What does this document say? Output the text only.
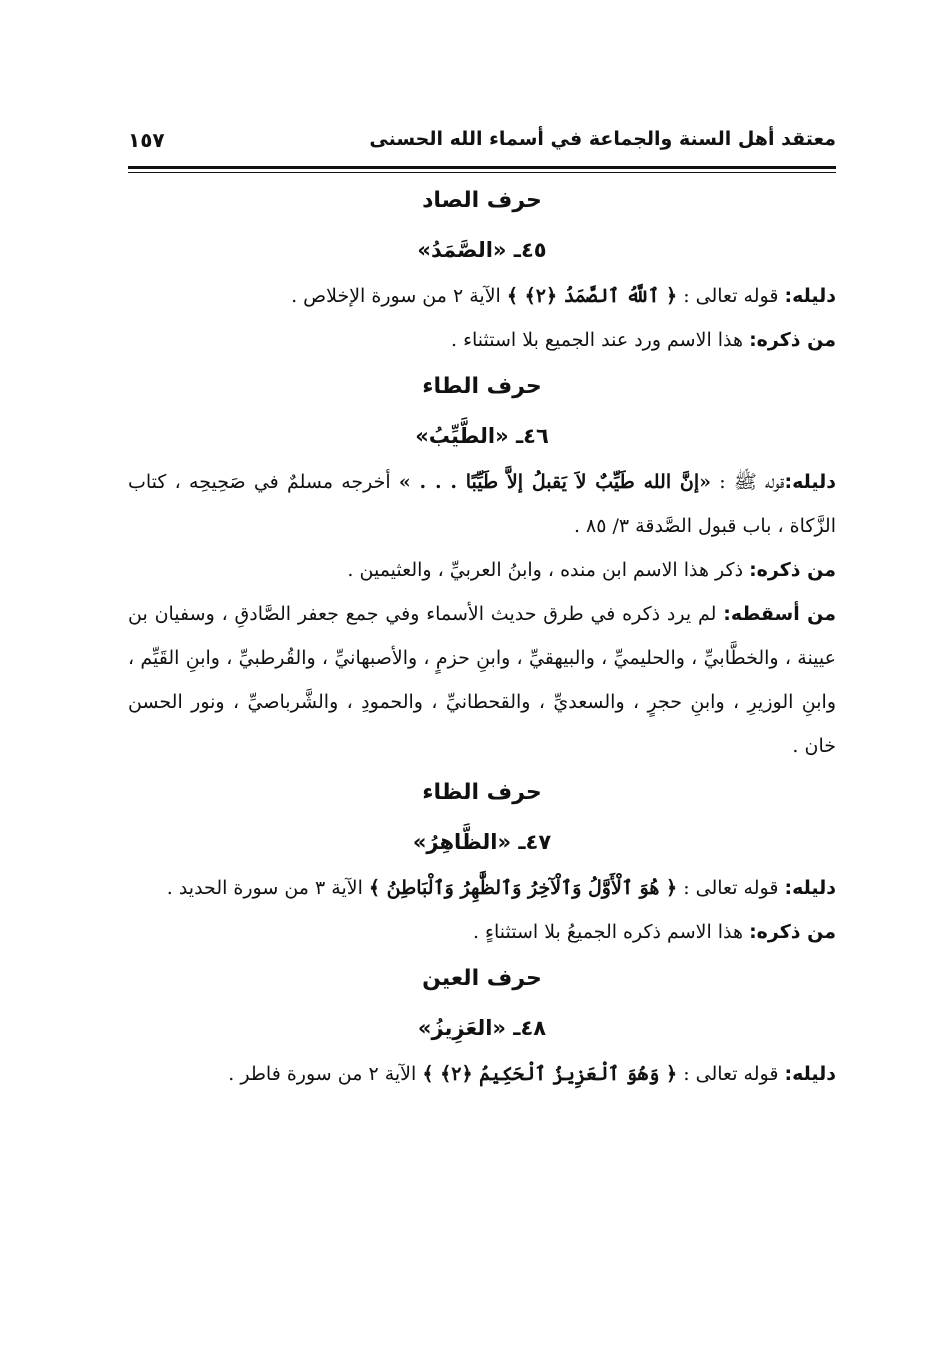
معتقد أهل السنة والجماعة في أسماء الله الحسنى
١٥٧
حرف الصاد
٤٥ـ «الصَّمَدُ»

دليله: قوله تعالى : ﴿ ٱللَّهُ ٱلصَّمَدُ ﴿٢﴾ ﴾ الآية ٢ من سورة الإخلاص .

من ذكره: هذا الاسم ورد عند الجميع بلا استثناء .

حرف الطاء
٤٦ـ «الطَّيِّبُ»

دليله:قوله ﷺ : «إنَّ الله طَيِّبٌ لاَ يَقبلُ إلاَّ طَيِّبًا . . . » أخرجه مسلمٌ في صَحِيحِه ، كتاب الزَّكاة ، باب قبول الصَّدقة ٣/ ٨٥ .

من ذكره: ذكر هذا الاسم ابن منده ، وابنُ العربيِّ ، والعثيمين .

من أسقطه: لم يرد ذكره في طرق حديث الأسماء وفي جمع جعفر الصَّادقِ ، وسفيان بن عيينة ، والخطَّابيِّ ، والحليميِّ ، والبيهقيِّ ، وابنِ حزمٍ ، والأصبهانيِّ ، والقُرطبيِّ ، وابنِ القَيِّم ، وابنِ الوزيرِ ، وابنِ حجرٍ ، والسعديِّ ، والقحطانيِّ ، والحمودِ ، والشَّرباصيِّ ، ونور الحسن خان .

حرف الظاء
٤٧ـ «الظَّاهِرُ»

دليله: قوله تعالى : ﴿ هُوَ ٱلْأَوَّلُ وَٱلْآخِرُ وَٱلظَّٰهِرُ وَٱلْبَاطِنُ ﴾ الآية ٣ من سورة الحديد .

من ذكره: هذا الاسم ذكره الجميعُ بلا استثناءٍ .

حرف العين
٤٨ـ «العَزِيزُ»

دليله: قوله تعالى : ﴿ وَهُوَ ٱلْعَزِيزُ ٱلْحَكِيمُ ﴿٢﴾ ﴾ الآية ٢ من سورة فاطر .
